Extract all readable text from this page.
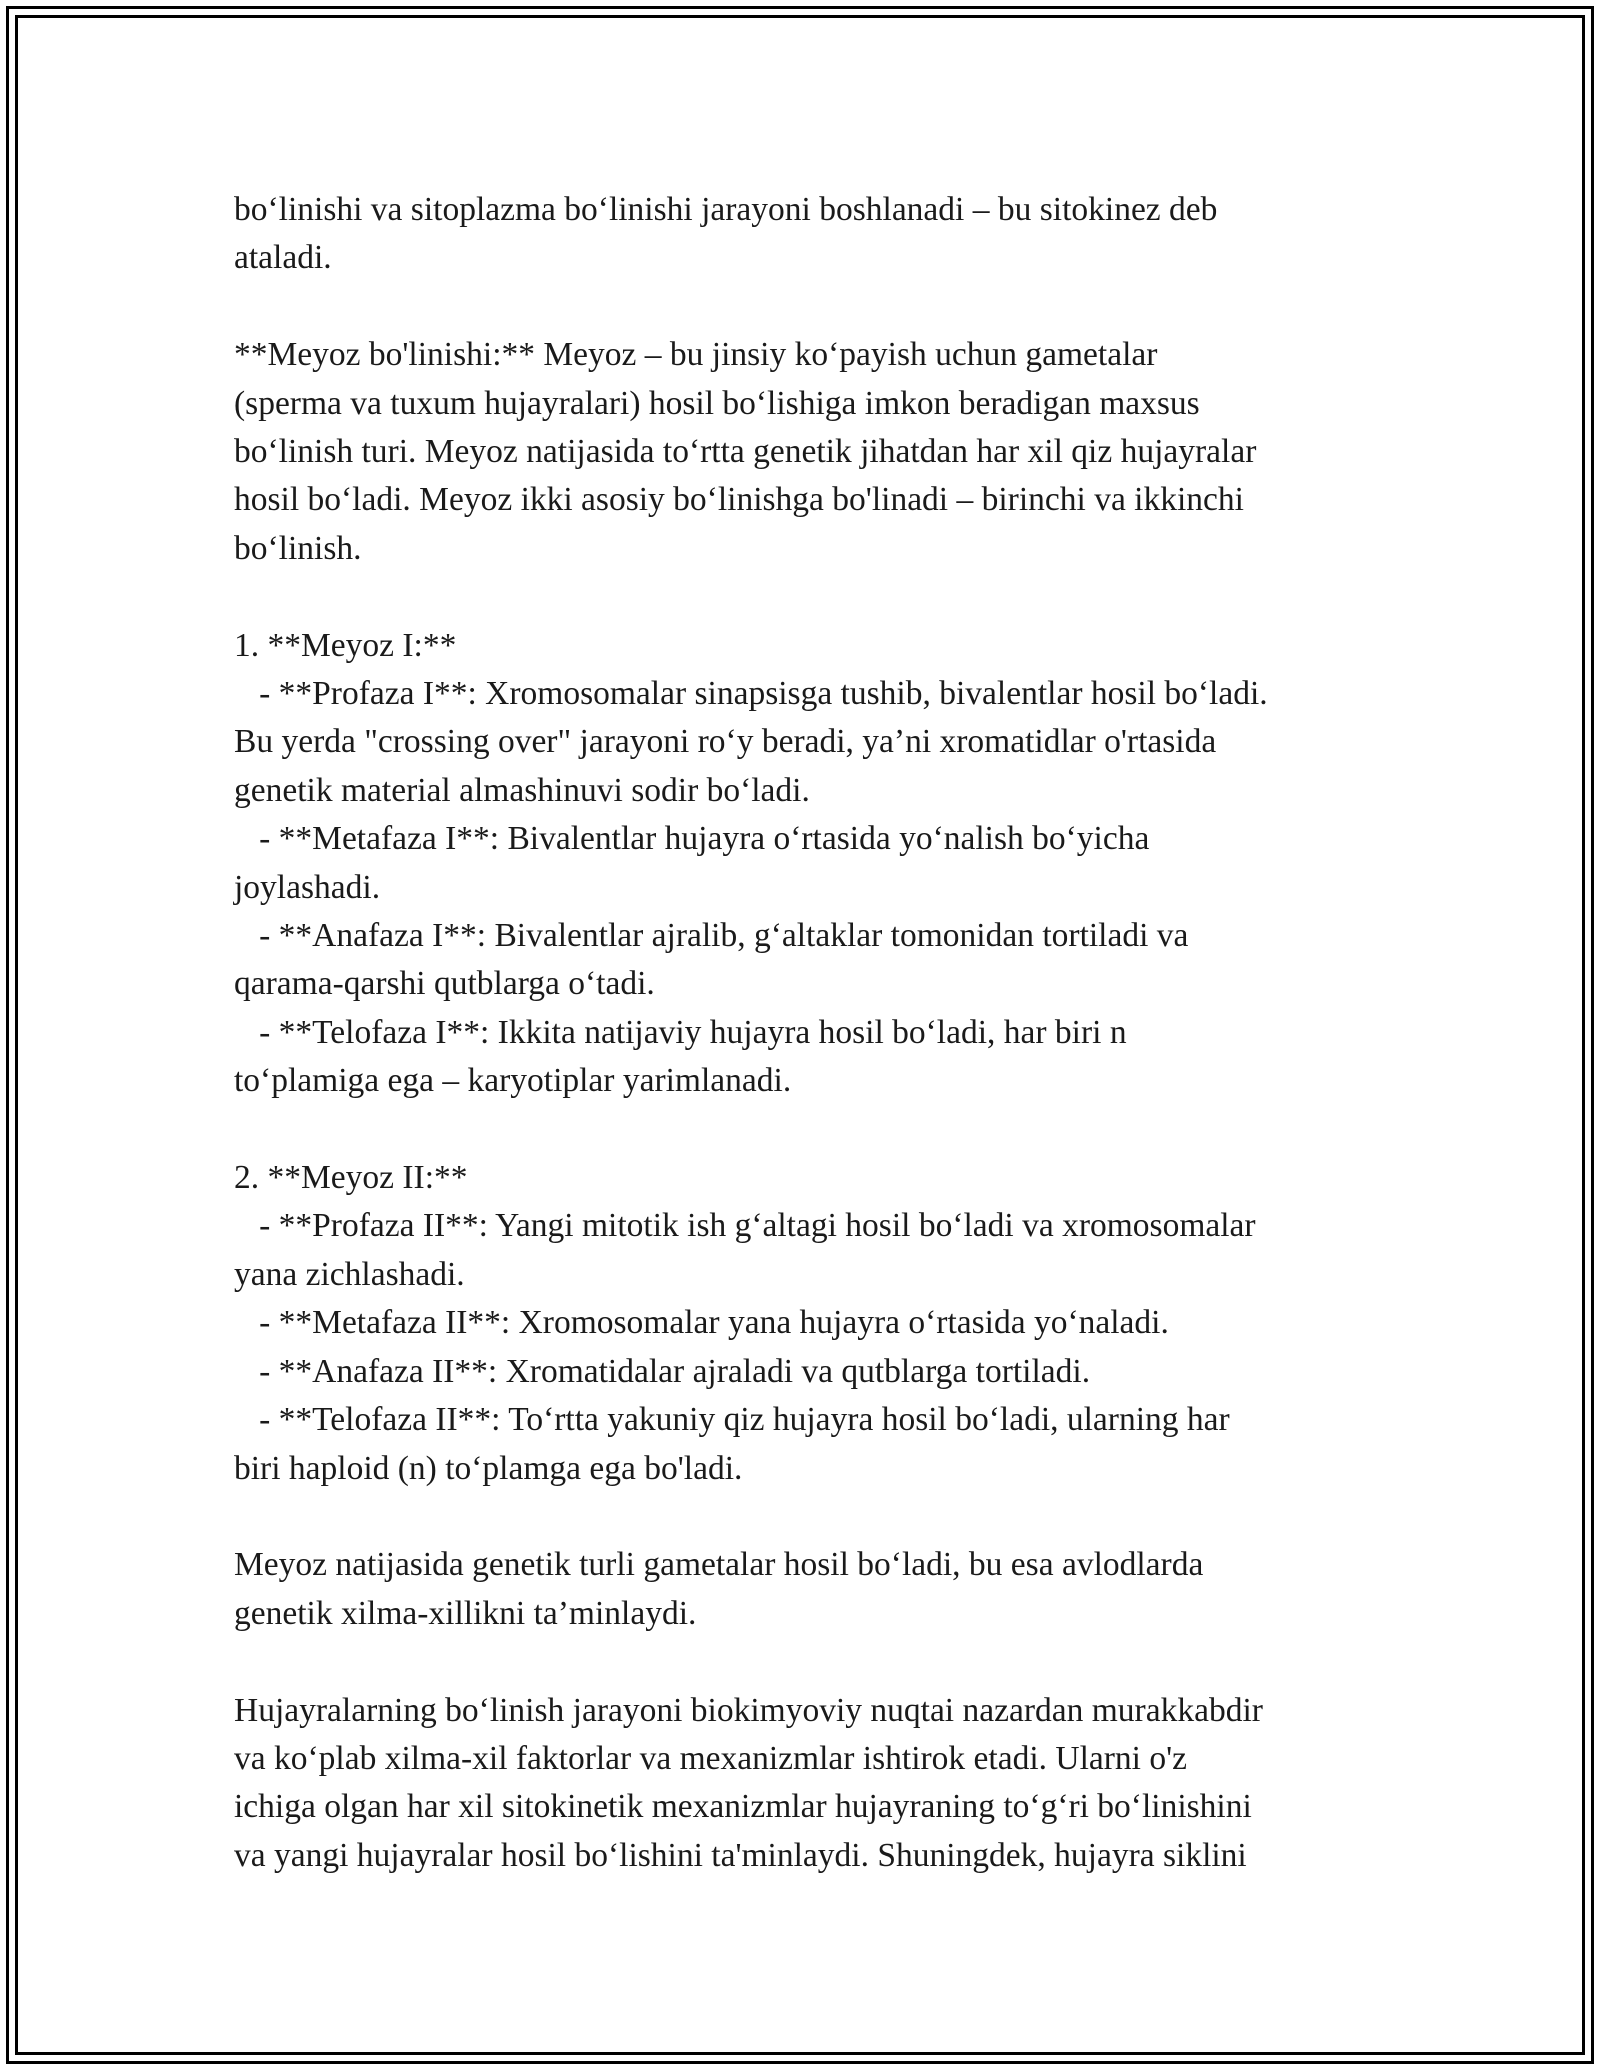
bo‘linishi va sitoplazma bo‘linishi jarayoni boshlanadi – bu sitokinez deb

ataladi.

**Meyoz bo'linishi:** Meyoz – bu jinsiy ko‘payish uchun gametalar

(sperma va tuxum hujayralari) hosil bo‘lishiga imkon beradigan maxsus

bo‘linish turi. Meyoz natijasida to‘rtta genetik jihatdan har xil qiz hujayralar

hosil bo‘ladi. Meyoz ikki asosiy bo‘linishga bo'linadi – birinchi va ikkinchi

bo‘linish.

1. **Meyoz I:**

- **Profaza I**: Xromosomalar sinapsisga tushib, bivalentlar hosil bo‘ladi.

Bu yerda "crossing over" jarayoni ro‘y beradi, ya’ni xromatidlar o'rtasida

genetik material almashinuvi sodir bo‘ladi.

- **Metafaza I**: Bivalentlar hujayra o‘rtasida yo‘nalish bo‘yicha

joylashadi.

- **Anafaza I**: Bivalentlar ajralib, g‘altaklar tomonidan tortiladi va

qarama-qarshi qutblarga o‘tadi.

- **Telofaza I**: Ikkita natijaviy hujayra hosil bo‘ladi, har biri n

to‘plamiga ega – karyotiplar yarimlanadi.

2. **Meyoz II:**

- **Profaza II**: Yangi mitotik ish g‘altagi hosil bo‘ladi va xromosomalar

yana zichlashadi.

- **Metafaza II**: Xromosomalar yana hujayra o‘rtasida yo‘naladi.

- **Anafaza II**: Xromatidalar ajraladi va qutblarga tortiladi.

- **Telofaza II**: To‘rtta yakuniy qiz hujayra hosil bo‘ladi, ularning har

biri haploid (n) to‘plamga ega bo'ladi.

Meyoz natijasida genetik turli gametalar hosil bo‘ladi, bu esa avlodlarda

genetik xilma-xillikni ta’minlaydi.

Hujayralarning bo‘linish jarayoni biokimyoviy nuqtai nazardan murakkabdir

va ko‘plab xilma-xil faktorlar va mexanizmlar ishtirok etadi. Ularni o'z

ichiga olgan har xil sitokinetik mexanizmlar hujayraning to‘g‘ri bo‘linishini

va yangi hujayralar hosil bo‘lishini ta'minlaydi. Shuningdek, hujayra siklini
